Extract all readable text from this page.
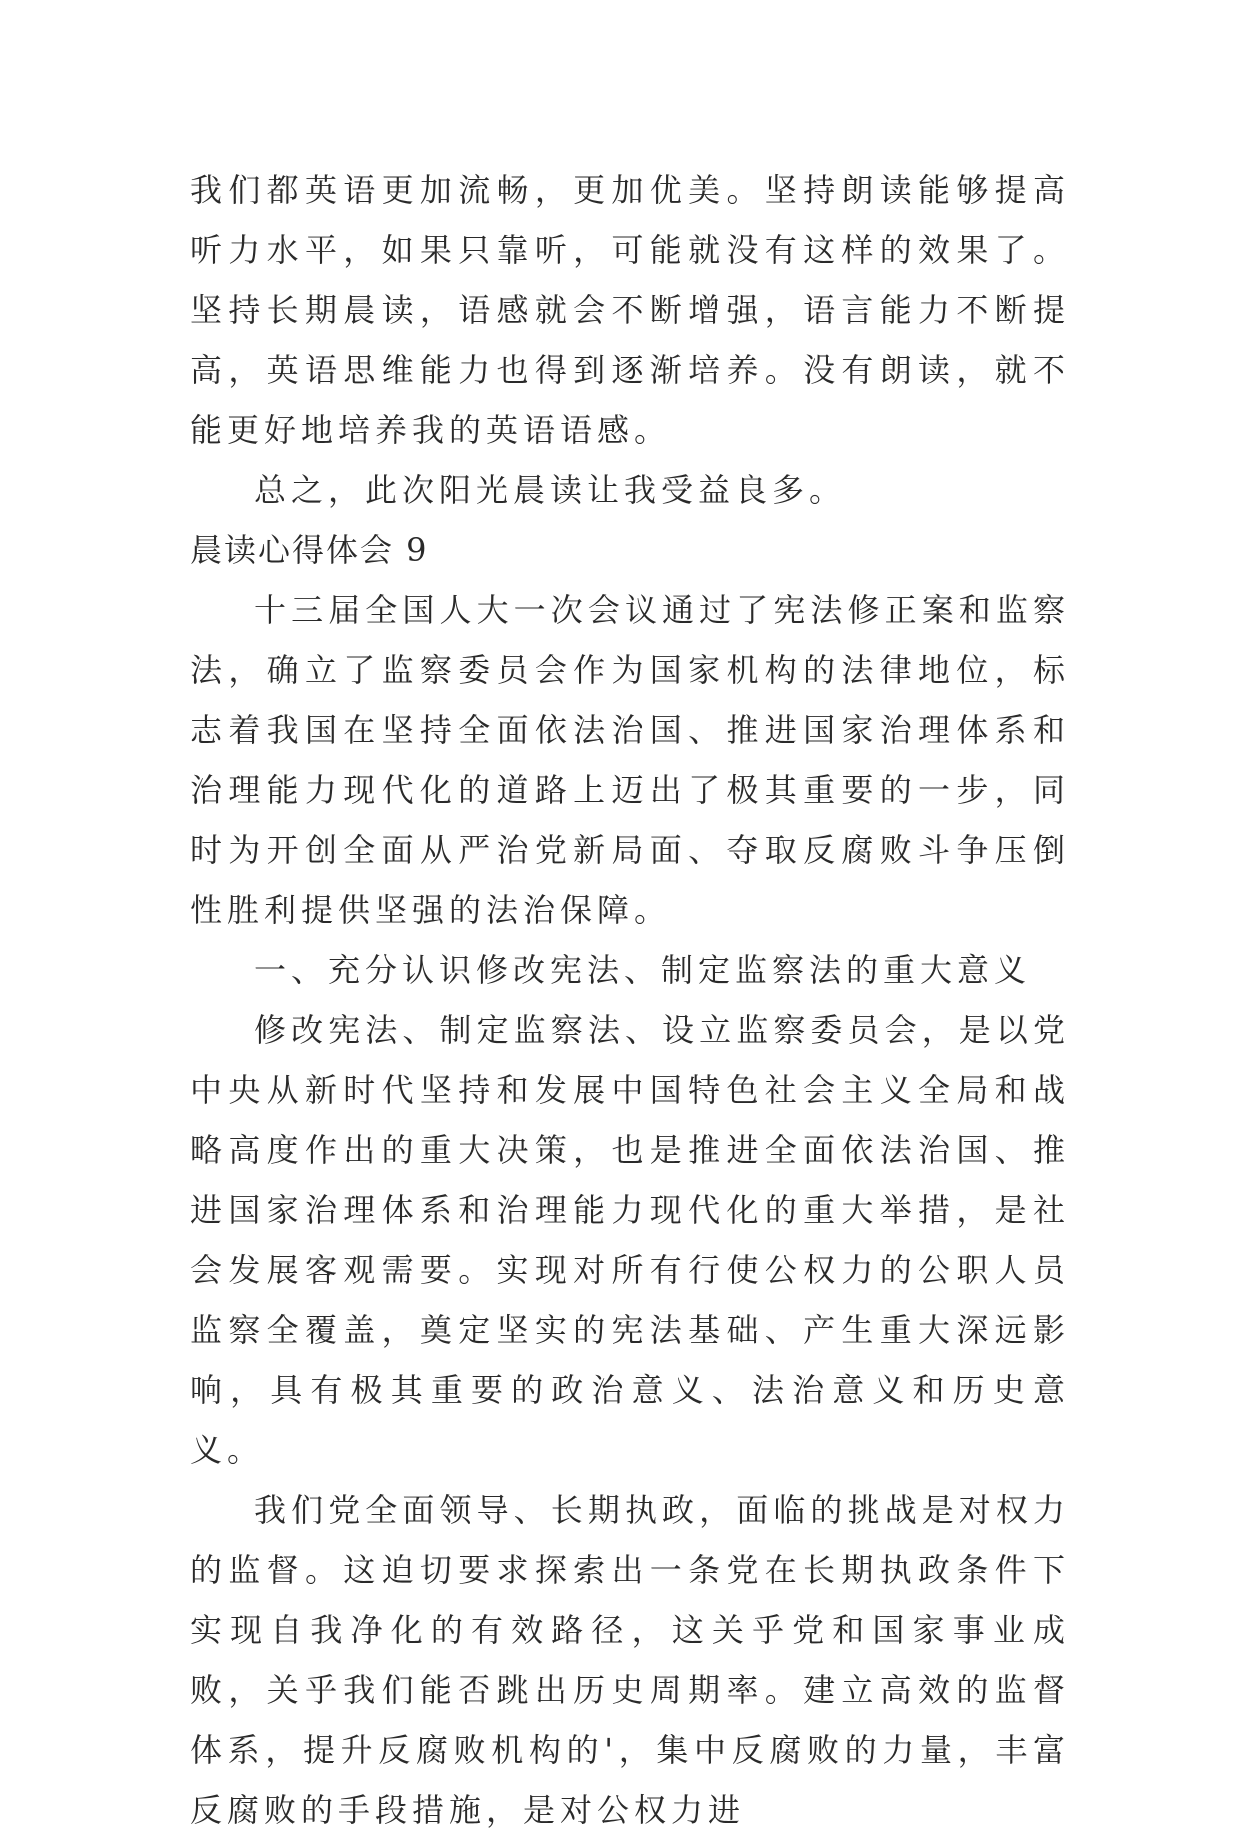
我们都英语更加流畅，更加优美。坚持朗读能够提高听力水平，如果只靠听，可能就没有这样的效果了。坚持长期晨读，语感就会不断增强，语言能力不断提高，英语思维能力也得到逐渐培养。没有朗读，就不能更好地培养我的英语语感。

总之，此次阳光晨读让我受益良多。

晨读心得体会 9

十三届全国人大一次会议通过了宪法修正案和监察法，确立了监察委员会作为国家机构的法律地位，标志着我国在坚持全面依法治国、推进国家治理体系和治理能力现代化的道路上迈出了极其重要的一步，同时为开创全面从严治党新局面、夺取反腐败斗争压倒性胜利提供坚强的法治保障。

一、充分认识修改宪法、制定监察法的重大意义

修改宪法、制定监察法、设立监察委员会，是以党中央从新时代坚持和发展中国特色社会主义全局和战略高度作出的重大决策，也是推进全面依法治国、推进国家治理体系和治理能力现代化的重大举措，是社会发展客观需要。实现对所有行使公权力的公职人员监察全覆盖，奠定坚实的宪法基础、产生重大深远影响，具有极其重要的政治意义、法治意义和历史意义。

我们党全面领导、长期执政，面临的挑战是对权力的监督。这迫切要求探索出一条党在长期执政条件下实现自我净化的有效路径，这关乎党和国家事业成败，关乎我们能否跳出历史周期率。建立高效的监督体系，提升反腐败机构的'，集中反腐败的力量，丰富反腐败的手段措施，是对公权力进
